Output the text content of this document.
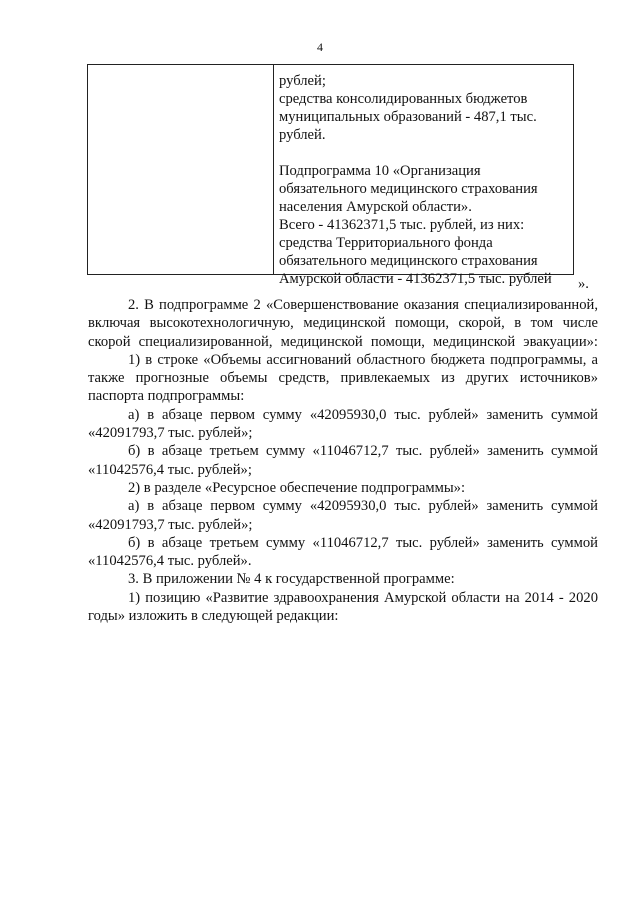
4

рублей;

средства консолидированных бюджетов

муниципальных образований - 487,1 тыс.

рублей.

Подпрограмма 10 «Организация

обязательного медицинского страхования

населения Амурской области».

Всего - 41362371,5 тыс. рублей, из них:

средства Территориального фонда

обязательного медицинского страхования

Амурской области - 41362371,5 тыс. рублей	».

2. В подпрограмме 2 «Совершенствование оказания специализированной, включая высокотехнологичную, медицинской помощи, скорой, в том числе скорой специализированной, медицинской помощи, медицинской эвакуации»:

1) в строке «Объемы ассигнований областного бюджета подпрограммы, а также прогнозные объемы средств, привлекаемых из других источников» паспорта подпрограммы:

а) в абзаце первом сумму «42095930,0 тыс. рублей» заменить суммой «42091793,7 тыс. рублей»;

б) в абзаце третьем сумму «11046712,7 тыс. рублей» заменить суммой «11042576,4 тыс. рублей»;

2) в разделе «Ресурсное обеспечение подпрограммы»:

а) в абзаце первом сумму «42095930,0 тыс. рублей» заменить суммой «42091793,7 тыс. рублей»;

б) в абзаце третьем сумму «11046712,7 тыс. рублей» заменить суммой «11042576,4 тыс. рублей».

3. В приложении № 4 к государственной программе:

1) позицию «Развитие здравоохранения Амурской области на 2014 - 2020 годы» изложить в следующей редакции:
